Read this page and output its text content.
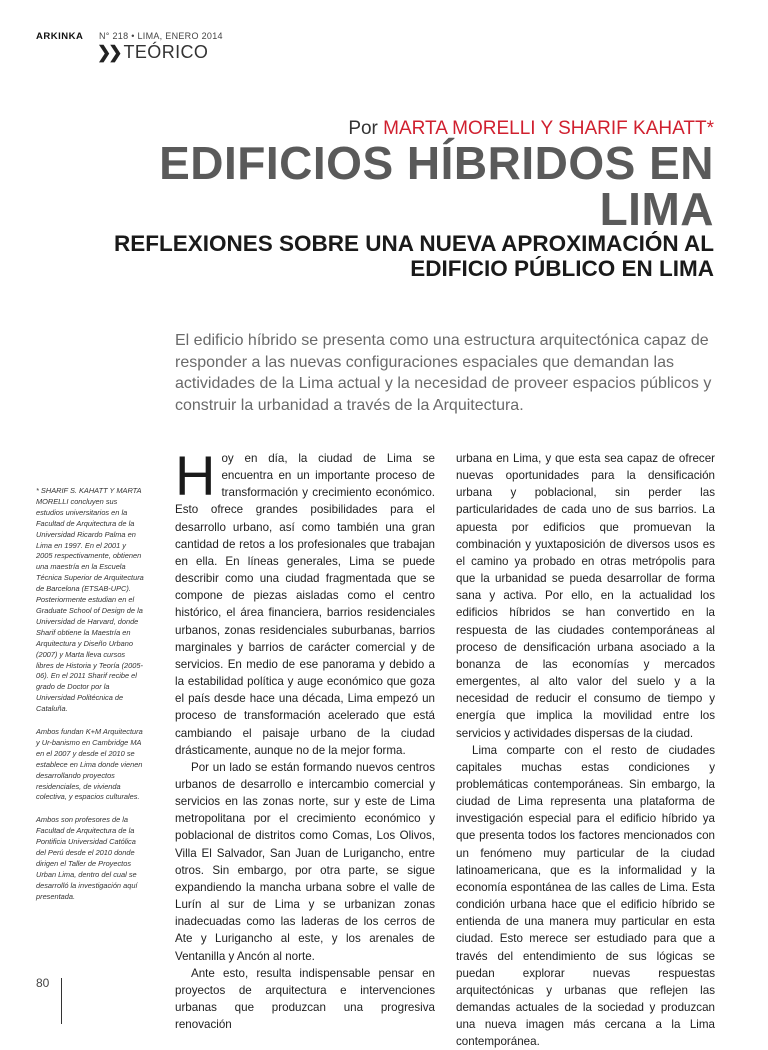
ARKINKA N° 218 • LIMA, ENERO 2014
❯❯ TEÓRICO
Por MARTA MORELLI Y SHARIF KAHATT*
EDIFICIOS HÍBRIDOS EN LIMA
REFLEXIONES SOBRE UNA NUEVA APROXIMACIÓN AL EDIFICIO PÚBLICO EN LIMA
El edificio híbrido se presenta como una estructura arquitectónica capaz de responder a las nuevas configuraciones espaciales que demandan las actividades de la Lima actual y la necesidad de proveer espacios públicos y construir la urbanidad a través de la Arquitectura.

* SHARIF S. KAHATT Y MARTA MORELLI concluyen sus estudios universitarios en la Facultad de Arquitectura de la Universidad Ricardo Palma en Lima en 1997. En el 2001 y 2005 respectivamente, obtienen una maestría en la Escuela Técnica Superior de Arquitectura de Barcelona (ETSAB-UPC). Posteriormente estudian en el Graduate School of Design de la Universidad de Harvard, donde Sharif obtiene la Maestría en Arquitectura y Diseño Urbano (2007) y Marta lleva cursos libres de Historia y Teoría (2005-06). En el 2011 Sharif recibe el grado de Doctor por la Universidad Politécnica de Cataluña.

Ambos fundan K+M Arquitectura y Ur-banismo en Cambridge MA en el 2007 y desde el 2010 se establece en Lima donde vienen desarrollando proyectos residenciales, de vivienda colectiva, y espacios culturales.

Ambos son profesores de la Facultad de Arquitectura de la Pontificia Universidad Católica del Perú desde el 2010 donde dirigen el Taller de Proyectos Urban Lima, dentro del cual se desarrolló la investigación aquí presentada.

Hoy en día, la ciudad de Lima se encuentra en un importante proceso de transformación y crecimiento económico. Esto ofrece grandes posibilidades para el desarrollo urbano, así como también una gran cantidad de retos a los profesionales que trabajan en ella. En líneas generales, Lima se puede describir como una ciudad fragmentada que se compone de piezas aisladas como el centro histórico, el área financiera, barrios residenciales urbanos, zonas residenciales suburbanas, barrios marginales y barrios de carácter comercial y de servicios. En medio de ese panorama y debido a la estabilidad política y auge económico que goza el país desde hace una década, Lima empezó un proceso de transformación acelerado que está cambiando el paisaje urbano de la ciudad drásticamente, aunque no de la mejor forma.

Por un lado se están formando nuevos centros urbanos de desarrollo e intercambio comercial y servicios en las zonas norte, sur y este de Lima metropolitana por el crecimiento económico y poblacional de distritos como Comas, Los Olivos, Villa El Salvador, San Juan de Lurigancho, entre otros. Sin embargo, por otra parte, se sigue expandiendo la mancha urbana sobre el valle de Lurín al sur de Lima y se urbanizan zonas inadecuadas como las laderas de los cerros de Ate y Lurigancho al este, y los arenales de Ventanilla y Ancón al norte.

Ante esto, resulta indispensable pensar en proyectos de arquitectura e intervenciones urbanas que produzcan una progresiva renovación

urbana en Lima, y que esta sea capaz de ofrecer nuevas oportunidades para la densificación urbana y poblacional, sin perder las particularidades de cada uno de sus barrios. La apuesta por edificios que promuevan la combinación y yuxtaposición de diversos usos es el camino ya probado en otras metrópolis para que la urbanidad se pueda desarrollar de forma sana y activa. Por ello, en la actualidad los edificios híbridos se han convertido en la respuesta de las ciudades contemporáneas al proceso de densificación urbana asociado a la bonanza de las economías y mercados emergentes, al alto valor del suelo y a la necesidad de reducir el consumo de tiempo y energía que implica la movilidad entre los servicios y actividades dispersas de la ciudad.

Lima comparte con el resto de ciudades capitales muchas estas condiciones y problemáticas contemporáneas. Sin embargo, la ciudad de Lima representa una plataforma de investigación especial para el edificio híbrido ya que presenta todos los factores mencionados con un fenómeno muy particular de la ciudad latinoamericana, que es la informalidad y la economía espontánea de las calles de Lima. Esta condición urbana hace que el edificio híbrido se entienda de una manera muy particular en esta ciudad. Esto merece ser estudiado para que a través del entendimiento de sus lógicas se puedan explorar nuevas respuestas arquitectónicas y urbanas que reflejen las demandas actuales de la sociedad y produzcan una nueva imagen más cercana a la Lima contemporánea.

80
